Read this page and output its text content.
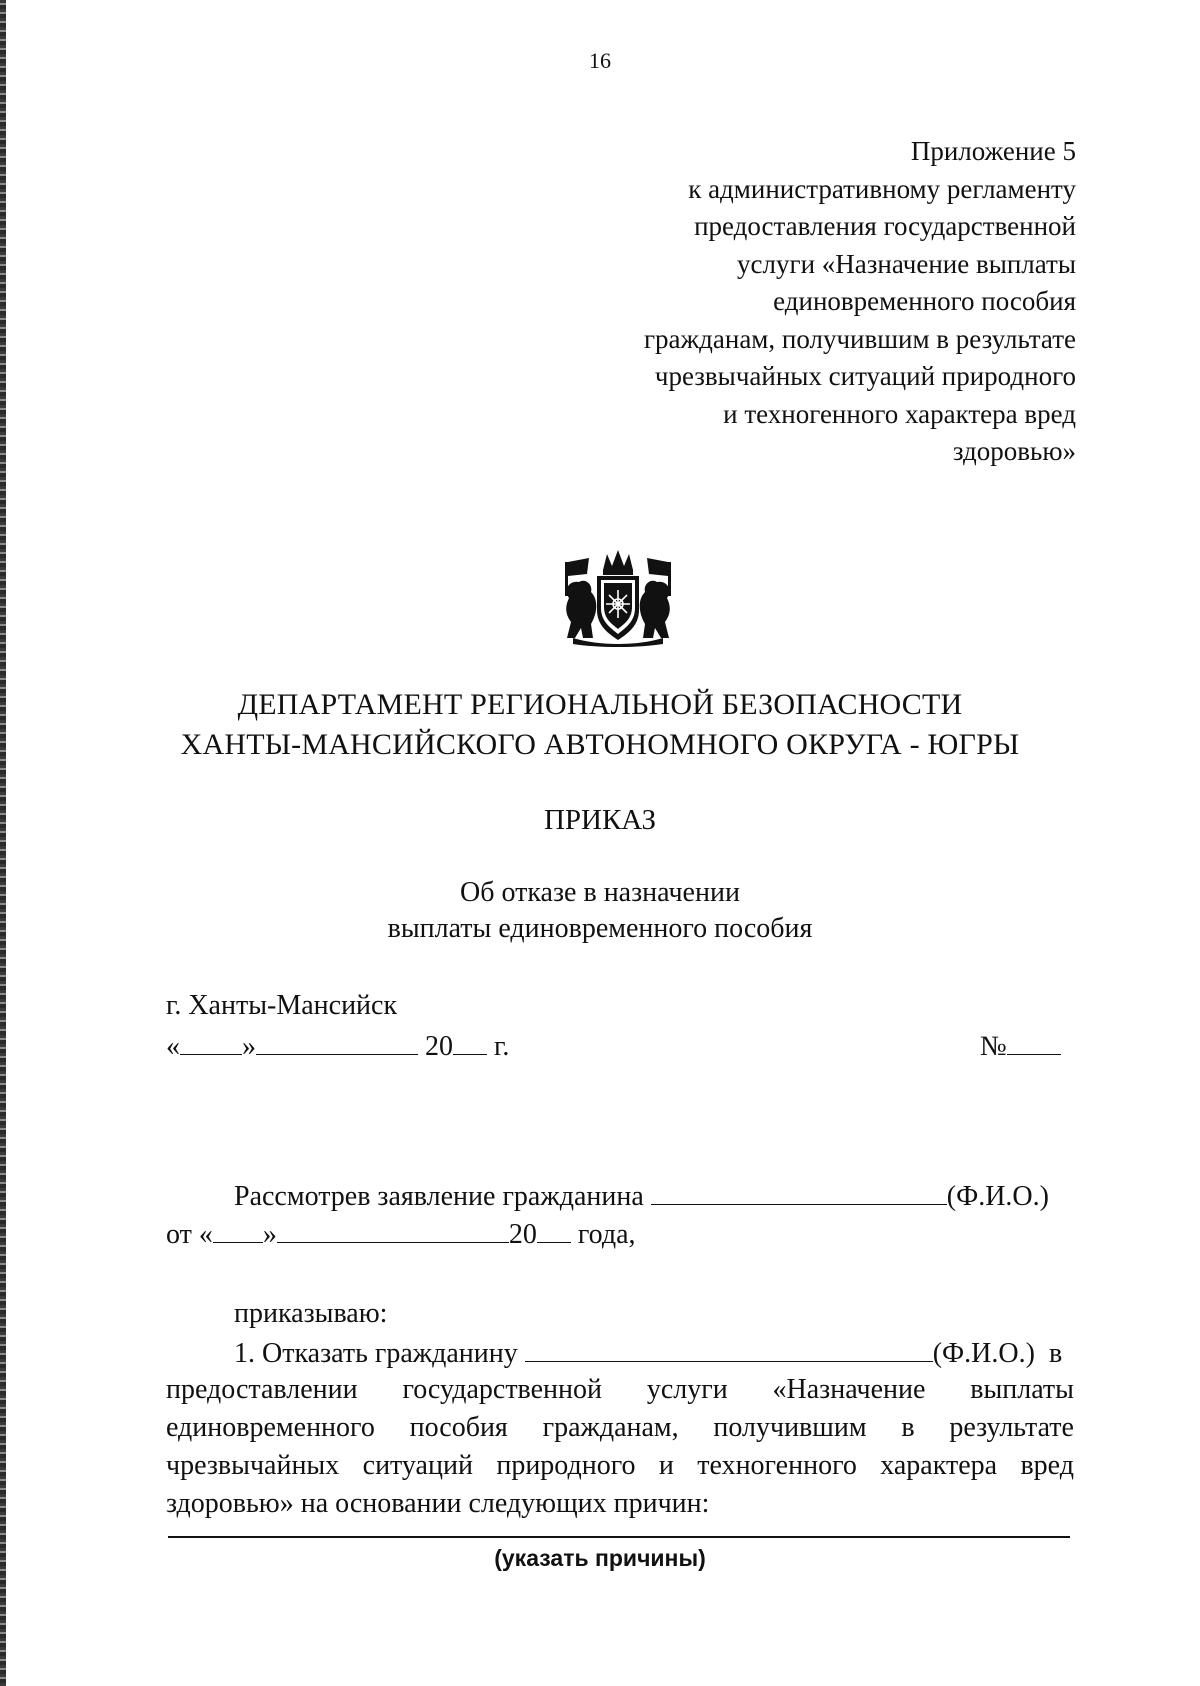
16
Приложение 5
к административному регламенту
предоставления государственной
услуги «Назначение выплаты
единовременного пособия
гражданам, получившим в результате
чрезвычайных ситуаций природного
и техногенного характера вред
здоровью»
ДЕПАРТАМЕНТ РЕГИОНАЛЬНОЙ БЕЗОПАСНОСТИ
ХАНТЫ-МАНСИЙСКОГО АВТОНОМНОГО ОКРУГА - ЮГРЫ
ПРИКАЗ
Об отказе в назначении
выплаты единовременного пособия
г. Ханты-Мансийск
« »	20 г.	№
Рассмотрев заявление гражданина	(Ф.И.О.)
от « »	20 года,
приказываю:
1. Отказать гражданину	(Ф.И.О.) в
предоставлении государственной услуги «Назначение выплаты
единовременного пособия гражданам, получившим в результате
чрезвычайных ситуаций природного и техногенного характера вред
здоровью» на основании следующих причин:
(указать причины)
